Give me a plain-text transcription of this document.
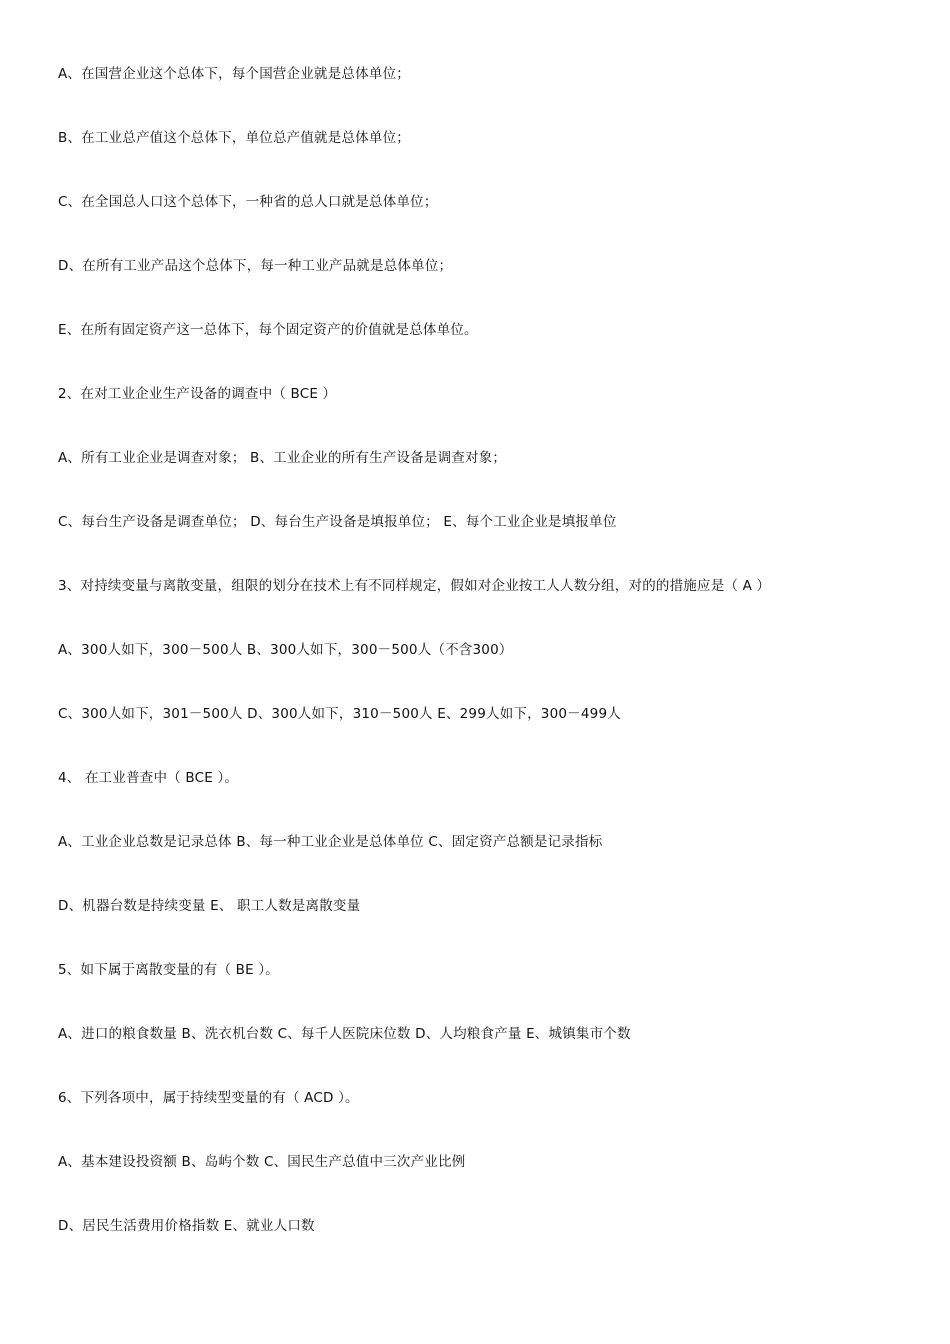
A、在国营企业这个总体下，每个国营企业就是总体单位；
B、在工业总产值这个总体下，单位总产值就是总体单位；
C、在全国总人口这个总体下，一种省的总人口就是总体单位；
D、在所有工业产品这个总体下，每一种工业产品就是总体单位；
E、在所有固定资产这一总体下，每个固定资产的价值就是总体单位。
2、在对工业企业生产设备的调查中（ BCE ）
A、所有工业企业是调查对象； B、工业企业的所有生产设备是调查对象；
C、每台生产设备是调查单位； D、每台生产设备是填报单位； E、每个工业企业是填报单位
3、对持续变量与离散变量，组限的划分在技术上有不同样规定，假如对企业按工人人数分组，对的的措施应是（ A ）
A、300人如下，300－500人 B、300人如下，300－500人（不含300）
C、300人如下，301－500人 D、300人如下，310－500人 E、299人如下，300－499人
4、 在工业普查中（ BCE ）。
A、工业企业总数是记录总体 B、每一种工业企业是总体单位 C、固定资产总额是记录指标
D、机器台数是持续变量 E、 职工人数是离散变量
5、如下属于离散变量的有（ BE ）。
A、进口的粮食数量 B、洗衣机台数 C、每千人医院床位数 D、人均粮食产量 E、城镇集市个数
6、下列各项中，属于持续型变量的有（ ACD ）。
A、基本建设投资额 B、岛屿个数 C、国民生产总值中三次产业比例
D、居民生活费用价格指数 E、就业人口数
